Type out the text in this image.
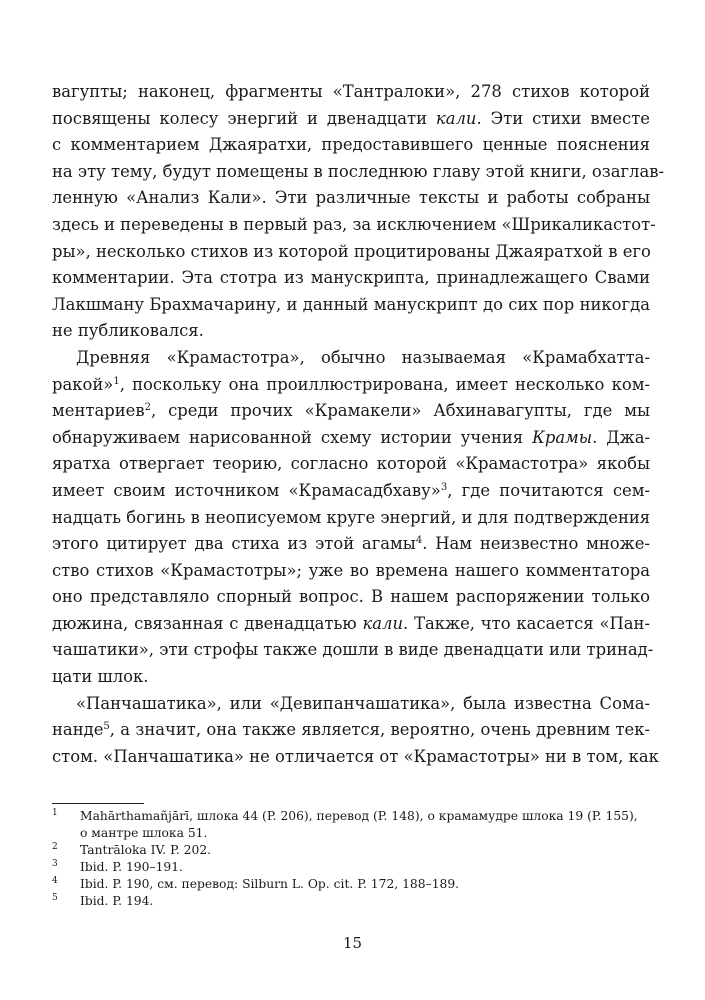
вагупты; наконец, фрагменты «Тантралоки», 278 стихов которой
посвящены колесу энергий и двенадцати кали. Эти стихи вместе
с комментарием Джаяратхи, предоставившего ценные пояснения
на эту тему, будут помещены в последнюю главу этой книги, озаглав-
ленную «Анализ Кали». Эти различные тексты и работы собраны
здесь и переведены в первый раз, за исключением «Шрикаликастот-
ры», несколько стихов из которой процитированы Джаяратхой в его
комментарии. Эта стотра из манускрипта, принадлежащего Свами
Лакшману Брахмачарину, и данный манускрипт до сих пор никогда
не публиковался.
Древняя «Крамастотра», обычно называемая «Крамабхатта-
ракой»$^1$, поскольку она проиллюстрирована, имеет несколько ком-
ментариев$^2$, среди прочих «Крамакели» Абхинавагупты, где мы
обнаруживаем нарисованной схему истории учения Крамы. Джа-
яратха отвергает теорию, согласно которой «Крамастотра» якобы
имеет своим источником «Крамасадбхаву»$^3$, где почитаются сем-
надцать богинь в неописуемом круге энергий, и для подтверждения
этого цитирует два стиха из этой агамы$^4$. Нам неизвестно множе-
ство стихов «Крамастотры»; уже во времена нашего комментатора
оно представляло спорный вопрос. В нашем распоряжении только
дюжина, связанная с двенадцатью кали. Также, что касается «Пан-
чашатики», эти строфы также дошли в виде двенадцати или тринад-
цати шлок.
«Панчашатика», или «Девипанчашатика», была известна Сома-
нанде$^5$, а значит, она также является, вероятно, очень древним тек-
стом. «Панчашатика» не отличается от «Крамастотры» ни в том, как
1 Mahārthamañjārī, шлока 44 (P. 206), перевод (P. 148), о крамамудре шлока 19 (P. 155),
о мантре шлока 51.
2 Tantrāloka IV. P. 202.
3 Ibid. P. 190–191.
4 Ibid. P. 190, см. перевод: Silburn L. Op. cit. P. 172, 188–189.
5 Ibid. P. 194.
15
